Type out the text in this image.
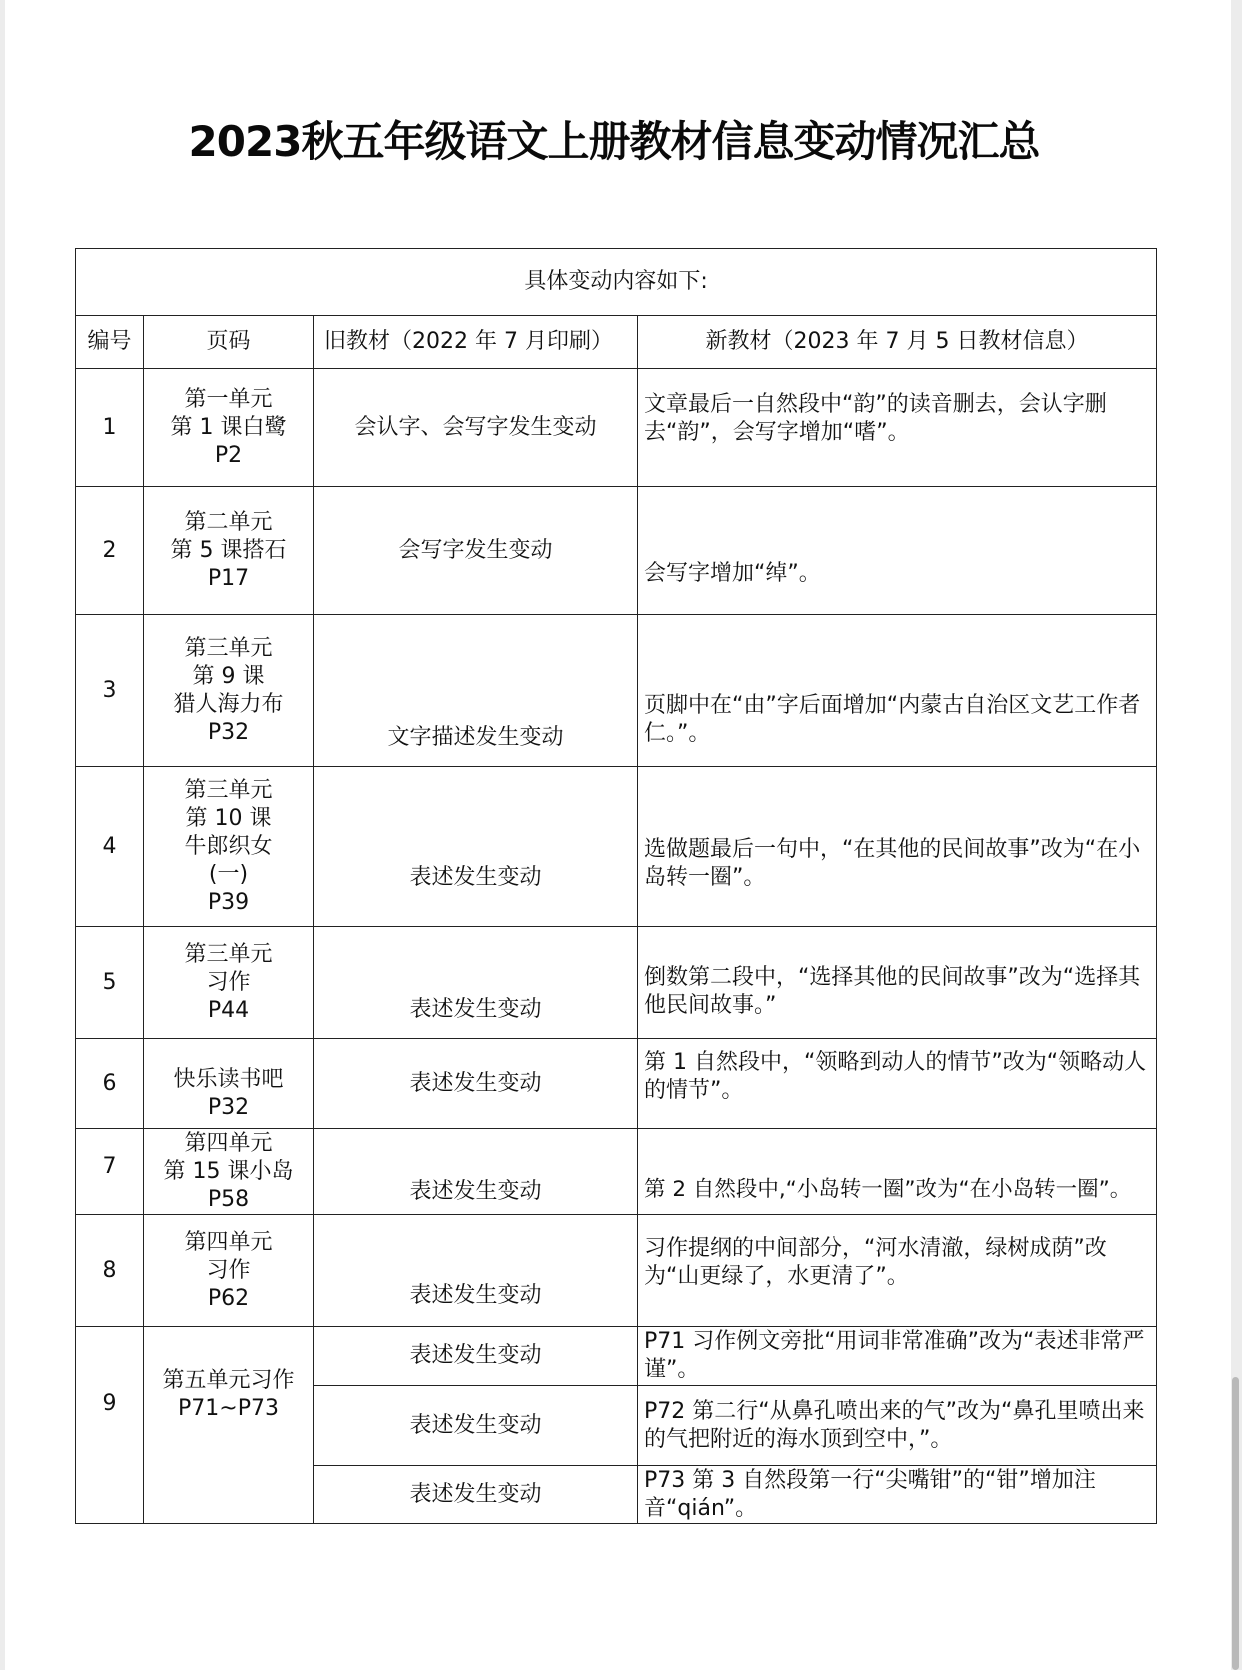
2023秋五年级语文上册教材信息变动情况汇总
具体变动内容如下:			
编号	页码	旧教材（2022 年 7 月印刷）	新教材（2023 年 7 月 5 日教材信息）
1	第一单元
第 1 课白鹭
P2	会认字、会写字发生变动	文章最后一自然段中“韵”的读音删去，会认字删去“韵”，会写字增加“嗜”。
2	第二单元
第 5 课搭石
P17	会写字发生变动	会写字增加“绰”。
3	第三单元
第 9 课
猎人海力布
P32	文字描述发生变动	页脚中在“由”字后面增加“内蒙古自治区文艺工作者仁。”。
4	第三单元
第 10 课
牛郎织女
(一)
P39	表述发生变动	选做题最后一句中，“在其他的民间故事”改为“在小岛转一圈”。
5	第三单元
习作
P44	表述发生变动	倒数第二段中，“选择其他的民间故事”改为“选择其他民间故事。”
6	快乐读书吧
P32	表述发生变动	第 1 自然段中，“领略到动人的情节”改为“领略动人的情节”。
7	第四单元
第 15 课小岛
P58	表述发生变动	第 2 自然段中,“小岛转一圈”改为“在小岛转一圈”。
8	第四单元
习作
P62	表述发生变动	习作提纲的中间部分，“河水清澈，绿树成荫”改为“山更绿了，水更清了”。
9	第五单元习作
P71~P73	表述发生变动	P71 习作例文旁批“用词非常准确”改为“表述非常严谨”。
		表述发生变动	P72 第二行“从鼻孔喷出来的气”改为“鼻孔里喷出来的气把附近的海水顶到空中，”。
		表述发生变动	P73 第 3 自然段第一行“尖嘴钳”的“钳”增加注音“qián”。
